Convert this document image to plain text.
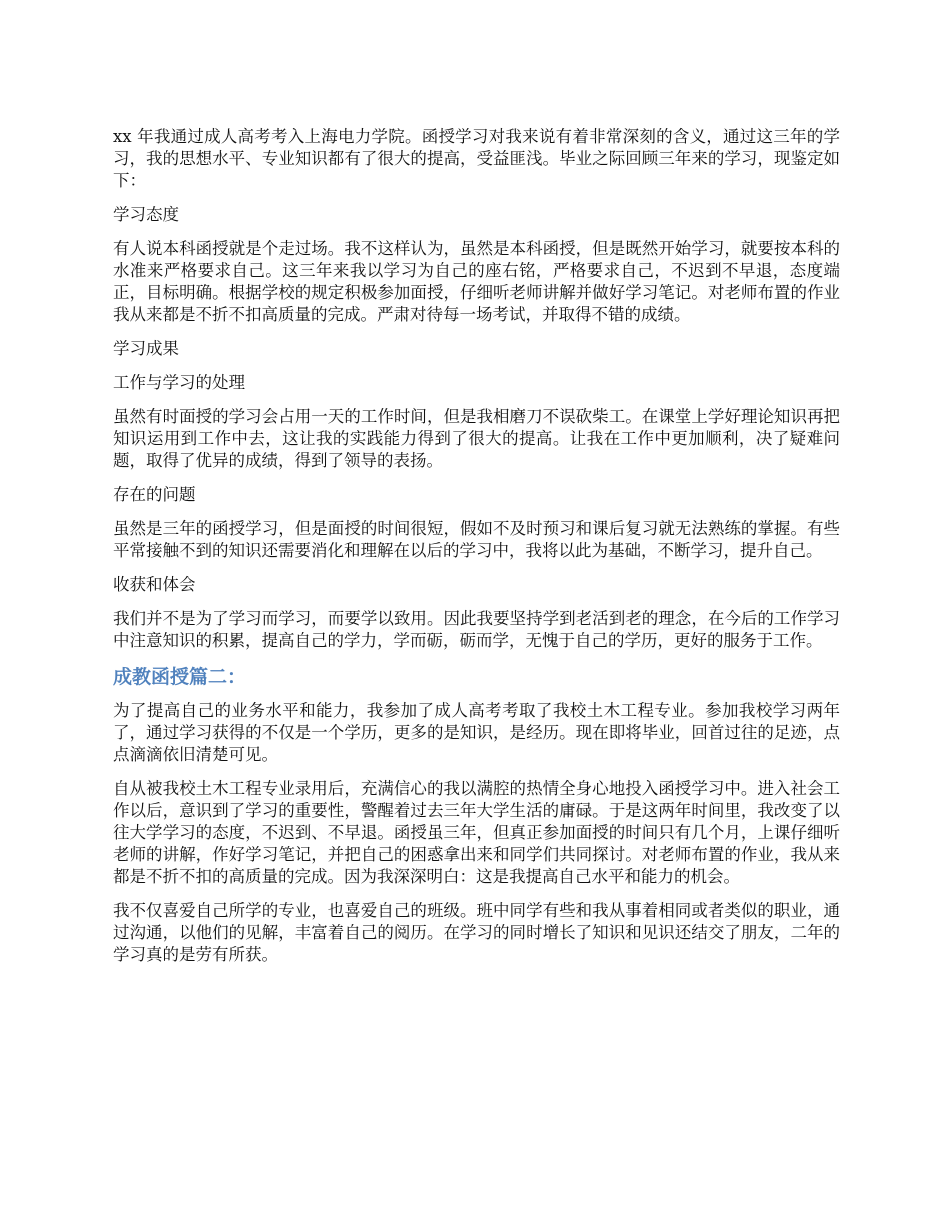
xx 年我通过成人高考考入上海电力学院。函授学习对我来说有着非常深刻的含义，通过这三年的学习，我的思想水平、专业知识都有了很大的提高，受益匪浅。毕业之际回顾三年来的学习，现鉴定如下：

学习态度

有人说本科函授就是个走过场。我不这样认为，虽然是本科函授，但是既然开始学习，就要按本科的水准来严格要求自己。这三年来我以学习为自己的座右铭，严格要求自己，不迟到不早退，态度端正，目标明确。根据学校的规定积极参加面授，仔细听老师讲解并做好学习笔记。对老师布置的作业我从来都是不折不扣高质量的完成。严肃对待每一场考试，并取得不错的成绩。

学习成果

工作与学习的处理

虽然有时面授的学习会占用一天的工作时间，但是我相磨刀不误砍柴工。在课堂上学好理论知识再把知识运用到工作中去，这让我的实践能力得到了很大的提高。让我在工作中更加顺利，决了疑难问题，取得了优异的成绩，得到了领导的表扬。

存在的问题

虽然是三年的函授学习，但是面授的时间很短，假如不及时预习和课后复习就无法熟练的掌握。有些平常接触不到的知识还需要消化和理解在以后的学习中，我将以此为基础，不断学习，提升自己。

收获和体会

我们并不是为了学习而学习，而要学以致用。因此我要坚持学到老活到老的理念，在今后的工作学习中注意知识的积累，提高自己的学力，学而砺，砺而学，无愧于自己的学历，更好的服务于工作。

成教函授篇二：

为了提高自己的业务水平和能力，我参加了成人高考考取了我校土木工程专业。参加我校学习两年了，通过学习获得的不仅是一个学历，更多的是知识，是经历。现在即将毕业，回首过往的足迹，点点滴滴依旧清楚可见。

自从被我校土木工程专业录用后，充满信心的我以满腔的热情全身心地投入函授学习中。进入社会工作以后，意识到了学习的重要性，警醒着过去三年大学生活的庸碌。于是这两年时间里，我改变了以往大学学习的态度，不迟到、不早退。函授虽三年，但真正参加面授的时间只有几个月，上课仔细听老师的讲解，作好学习笔记，并把自己的困惑拿出来和同学们共同探讨。对老师布置的作业，我从来都是不折不扣的高质量的完成。因为我深深明白：这是我提高自己水平和能力的机会。

我不仅喜爱自己所学的专业，也喜爱自己的班级。班中同学有些和我从事着相同或者类似的职业，通过沟通，以他们的见解，丰富着自己的阅历。在学习的同时增长了知识和见识还结交了朋友，二年的学习真的是劳有所获。
